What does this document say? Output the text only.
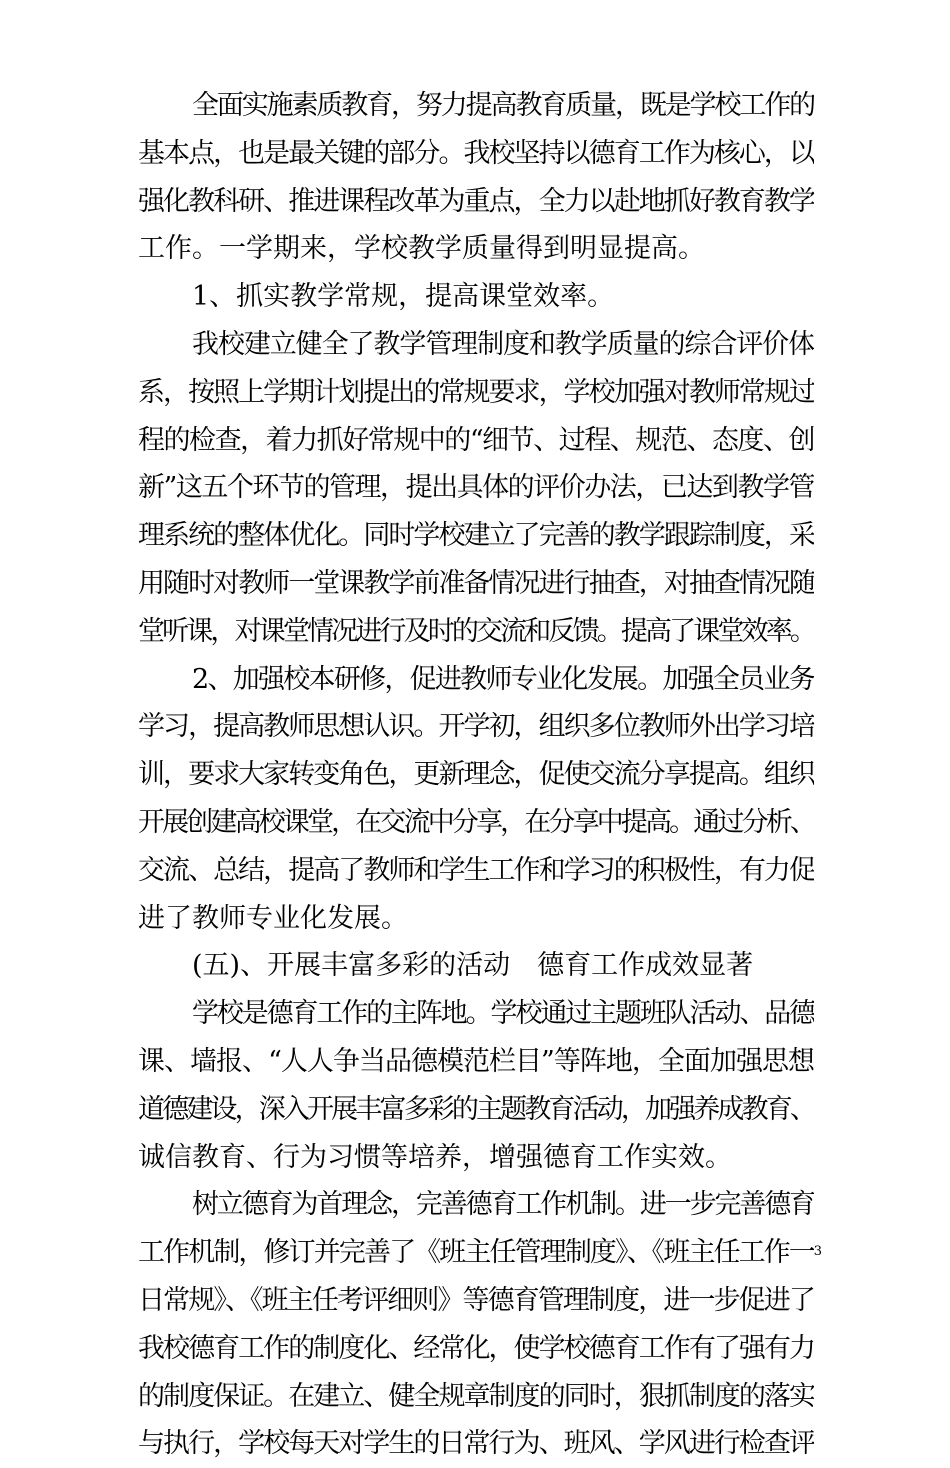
全面实施素质教育，努力提高教育质量，既是学校工作的
基本点，也是最关键的部分。我校坚持以德育工作为核心，以
强化教科研、推进课程改革为重点，全力以赴地抓好教育教学
工作。一学期来，学校教学质量得到明显提高。
1、抓实教学常规，提高课堂效率。
我校建立健全了教学管理制度和教学质量的综合评价体
系，按照上学期计划提出的常规要求，学校加强对教师常规过
程的检查，着力抓好常规中的“细节、过程、规范、态度、创
新”这五个环节的管理，提出具体的评价办法，已达到教学管
理系统的整体优化。同时学校建立了完善的教学跟踪制度，采
用随时对教师一堂课教学前准备情况进行抽查，对抽查情况随
堂听课，对课堂情况进行及时的交流和反馈。提高了课堂效率。
2、加强校本研修，促进教师专业化发展。加强全员业务
学习，提高教师思想认识。开学初，组织多位教师外出学习培
训，要求大家转变角色，更新理念，促使交流分享提高。组织
开展创建高校课堂，在交流中分享，在分享中提高。通过分析、
交流、总结，提高了教师和学生工作和学习的积极性，有力促
进了教师专业化发展。
(五)、开展丰富多彩的活动　德育工作成效显著
学校是德育工作的主阵地。学校通过主题班队活动、品德
课、墙报、“人人争当品德模范栏目”等阵地，全面加强思想
道德建设，深入开展丰富多彩的主题教育活动，加强养成教育、
诚信教育、行为习惯等培养，增强德育工作实效。
树立德育为首理念，完善德育工作机制。进一步完善德育
工作机制，修订并完善了《班主任管理制度》、《班主任工作一
日常规》、《班主任考评细则》等德育管理制度，进一步促进了
我校德育工作的制度化、经常化，使学校德育工作有了强有力
的制度保证。在建立、健全规章制度的同时，狠抓制度的落实
与执行，学校每天对学生的日常行为、班风、学风进行检查评
3
